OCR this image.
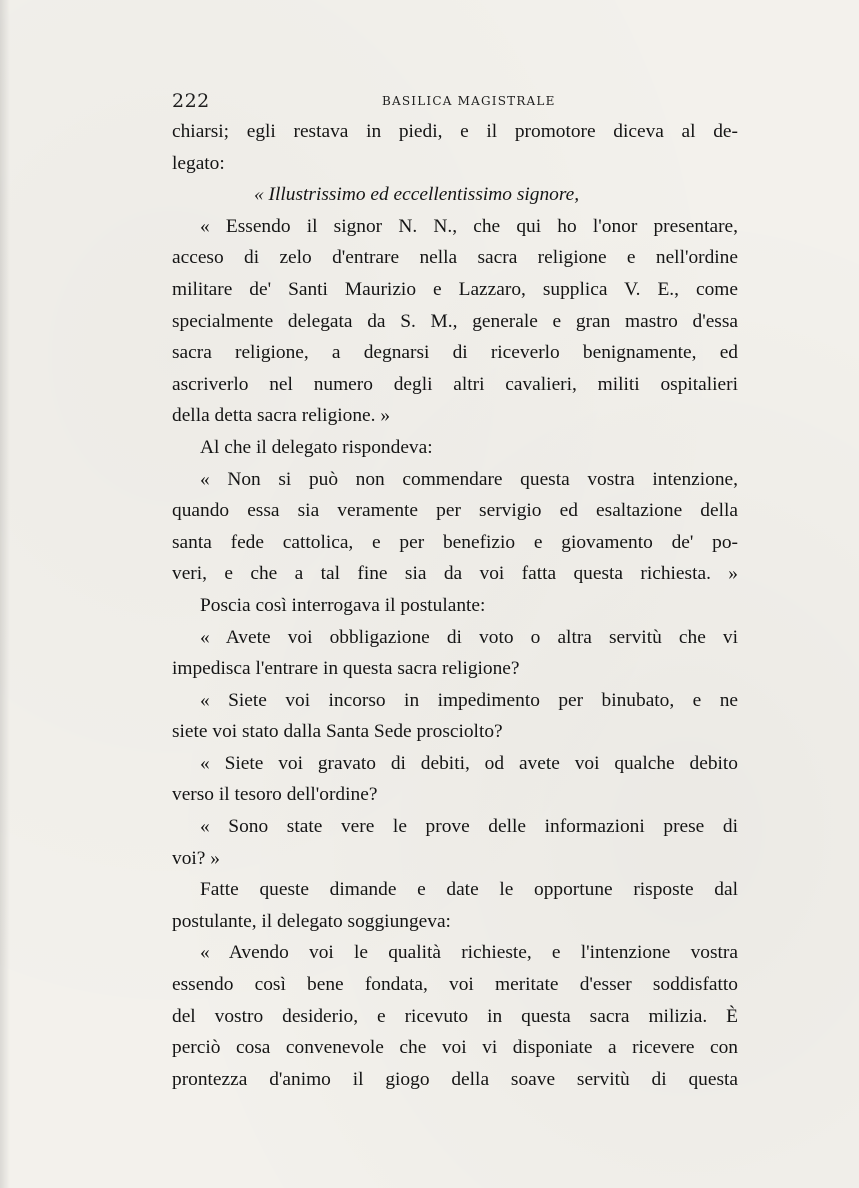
222	BASILICA MAGISTRALE
chiarsi; egli restava in piedi, e il promotore diceva al de-
legato:
« Illustrissimo ed eccellentissimo signore,
« Essendo il signor N. N., che qui ho l'onor presentare,
acceso di zelo d'entrare nella sacra religione e nell'ordine
militare de' Santi Maurizio e Lazzaro, supplica V. E., come
specialmente delegata da S. M., generale e gran mastro d'essa
sacra religione, a degnarsi di riceverlo benignamente, ed
ascriverlo nel numero degli altri cavalieri, militi ospitalieri
della detta sacra religione. »
Al che il delegato rispondeva:
« Non si può non commendare questa vostra intenzione,
quando essa sia veramente per servigio ed esaltazione della
santa fede cattolica, e per benefizio e giovamento de' po-
veri, e che a tal fine sia da voi fatta questa richiesta. »
Poscia così interrogava il postulante:
« Avete voi obbligazione di voto o altra servitù che vi
impedisca l'entrare in questa sacra religione?
« Siete voi incorso in impedimento per binubato, e ne
siete voi stato dalla Santa Sede prosciolto?
« Siete voi gravato di debiti, od avete voi qualche debito
verso il tesoro dell'ordine?
« Sono state vere le prove delle informazioni prese di
voi? »
Fatte queste dimande e date le opportune risposte dal
postulante, il delegato soggiungeva:
« Avendo voi le qualità richieste, e l'intenzione vostra
essendo così bene fondata, voi meritate d'esser soddisfatto
del vostro desiderio, e ricevuto in questa sacra milizia. È
perciò cosa convenevole che voi vi disponiate a ricevere con
prontezza d'animo il giogo della soave servitù di questa
